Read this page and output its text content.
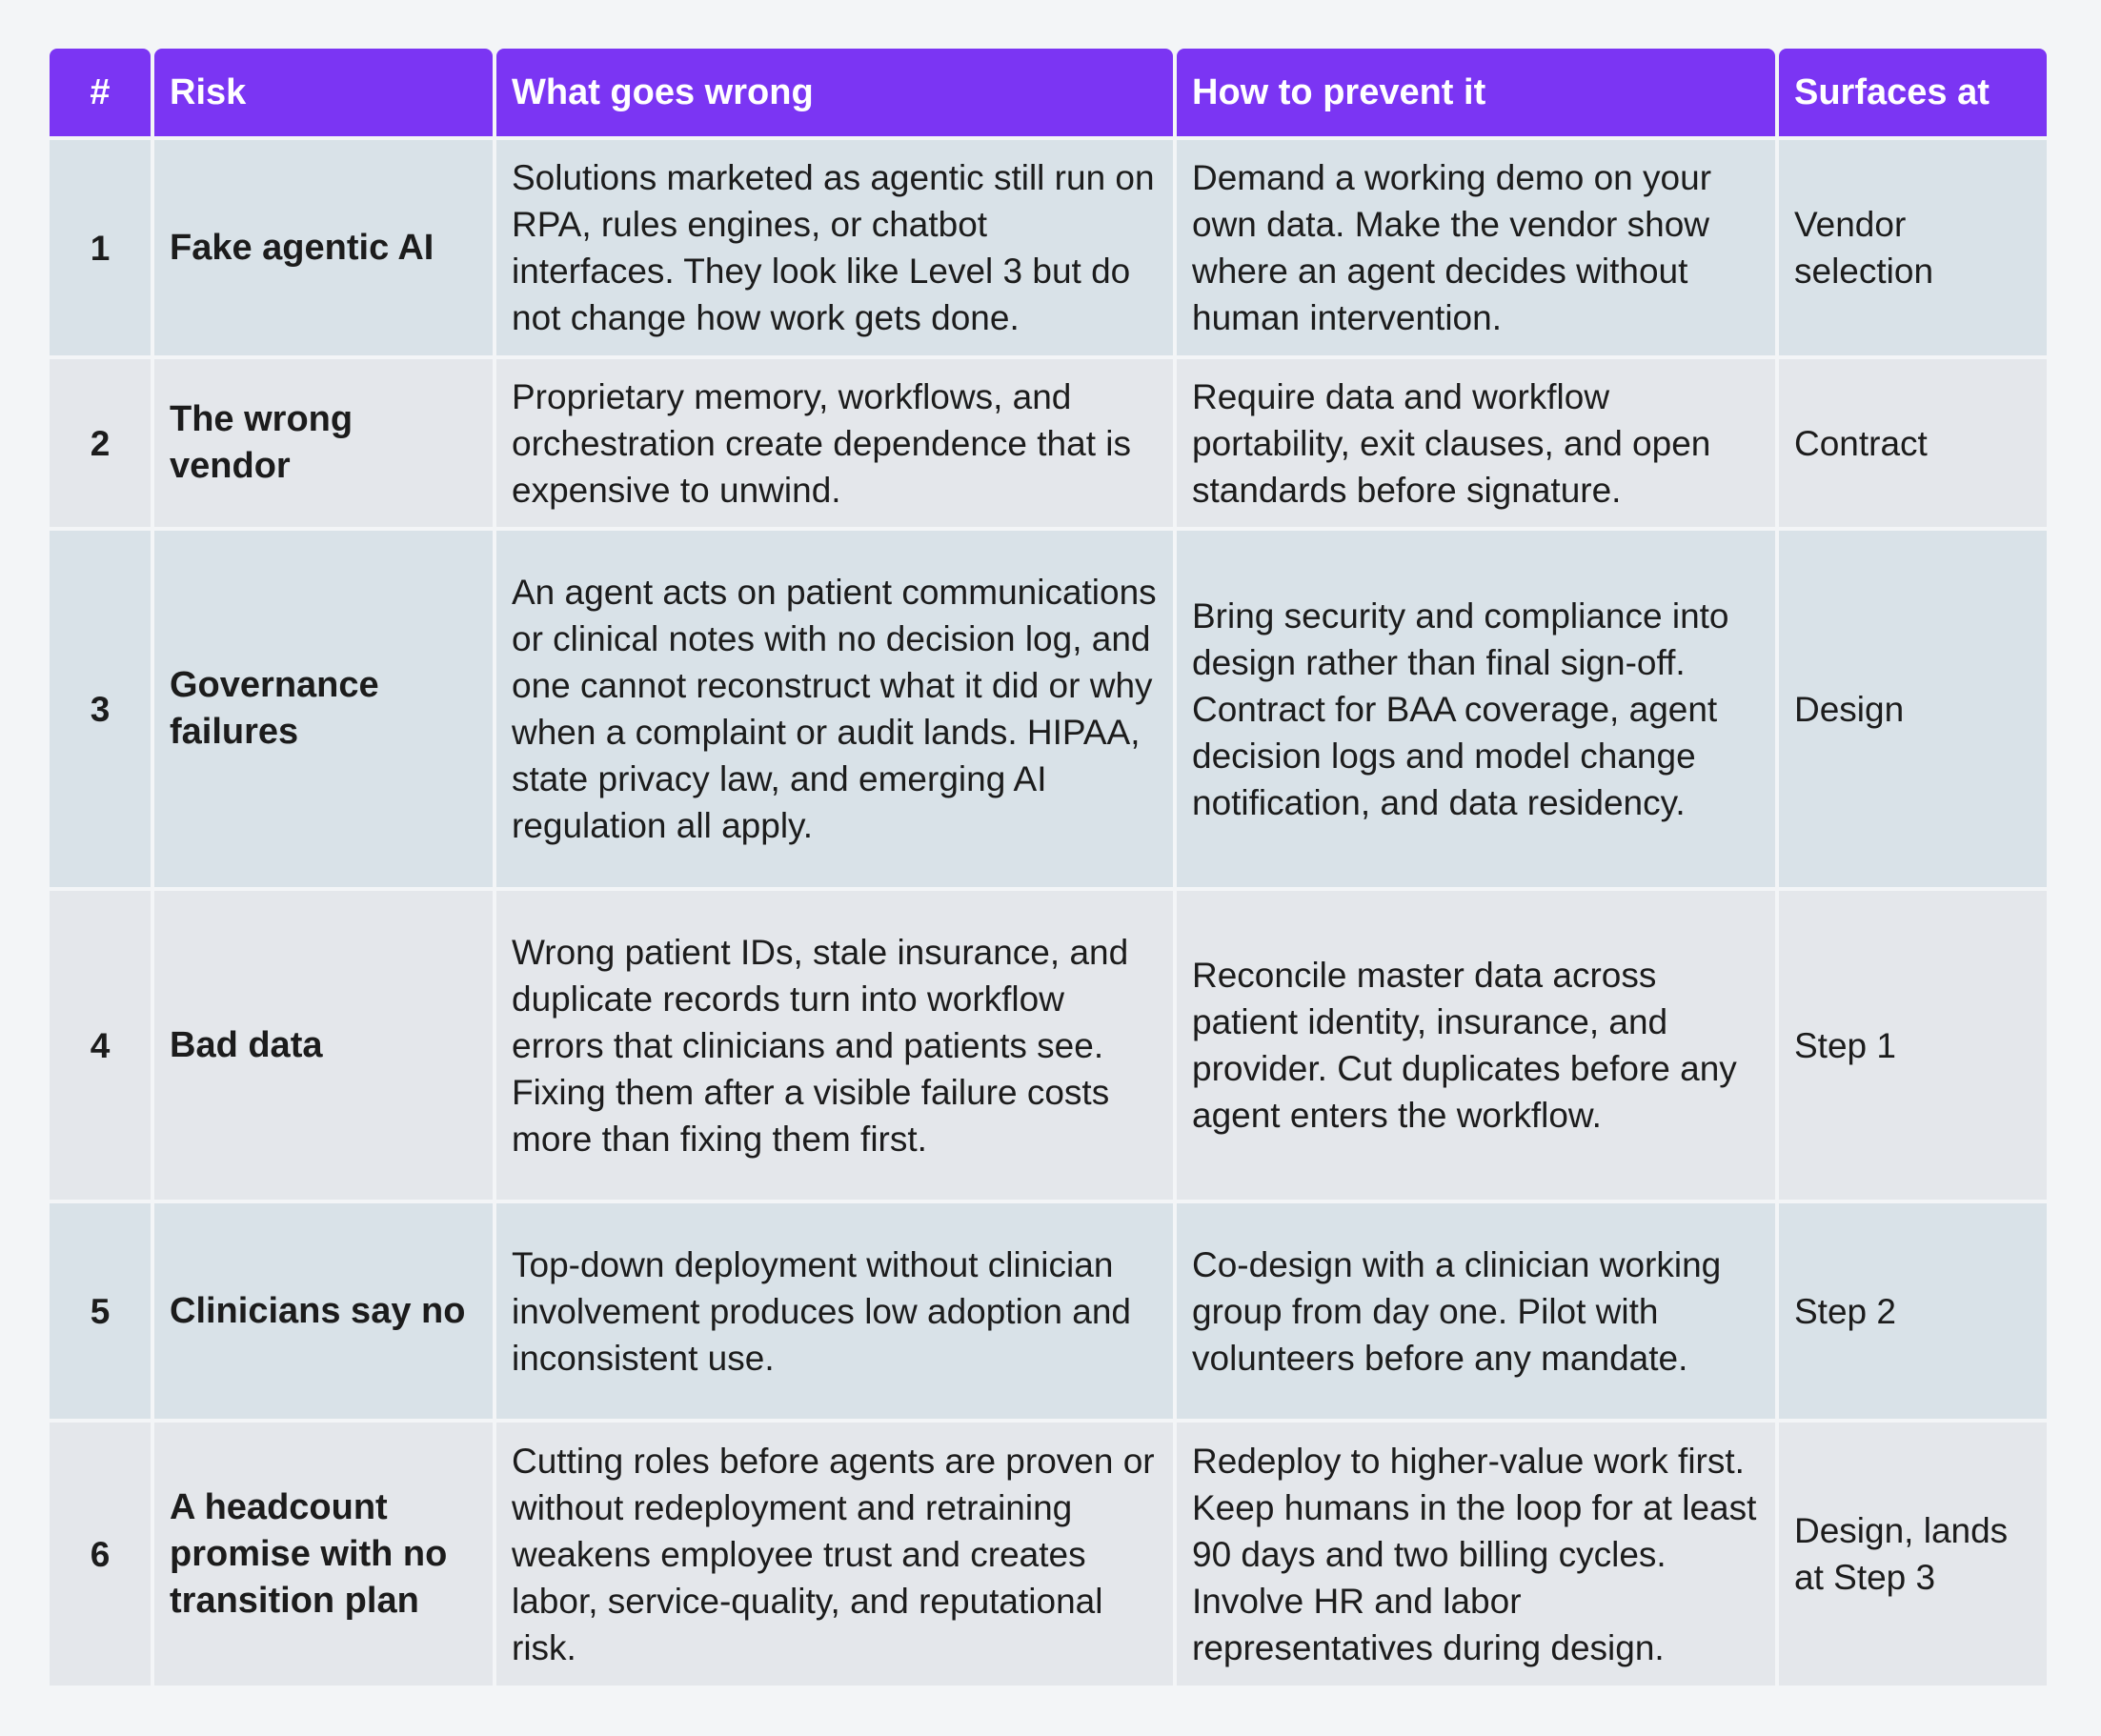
#	Risk	What goes wrong	How to prevent it	Surfaces at
1	Fake agentic AI	Solutions marketed as agentic still run on RPA, rules engines, or chatbot interfaces. They look like Level 3 but do not change how work gets done.	Demand a working demo on your own data. Make the vendor show where an agent decides without human intervention.	Vendor selection
2	The wrong vendor	Proprietary memory, workflows, and orchestration create dependence that is expensive to unwind.	Require data and workflow portability, exit clauses, and open standards before signature.	Contract
3	Governance failures	An agent acts on patient communications or clinical notes with no decision log, and one cannot reconstruct what it did or why when a complaint or audit lands. HIPAA, state privacy law, and emerging AI regulation all apply.	Bring security and compliance into design rather than final sign-off. Contract for BAA coverage, agent decision logs and model change notification, and data residency.	Design
4	Bad data	Wrong patient IDs, stale insurance, and duplicate records turn into workflow errors that clinicians and patients see. Fixing them after a visible failure costs more than fixing them first.	Reconcile master data across patient identity, insurance, and provider. Cut duplicates before any agent enters the workflow.	Step 1
5	Clinicians say no	Top-down deployment without clinician involvement produces low adoption and inconsistent use.	Co-design with a clinician working group from day one. Pilot with volunteers before any mandate.	Step 2
6	A headcount promise with no transition plan	Cutting roles before agents are proven or without redeployment and retraining weakens employee trust and creates labor, service-quality, and reputational risk.	Redeploy to higher-value work first. Keep humans in the loop for at least 90 days and two billing cycles. Involve HR and labor representatives during design.	Design, lands at Step 3
